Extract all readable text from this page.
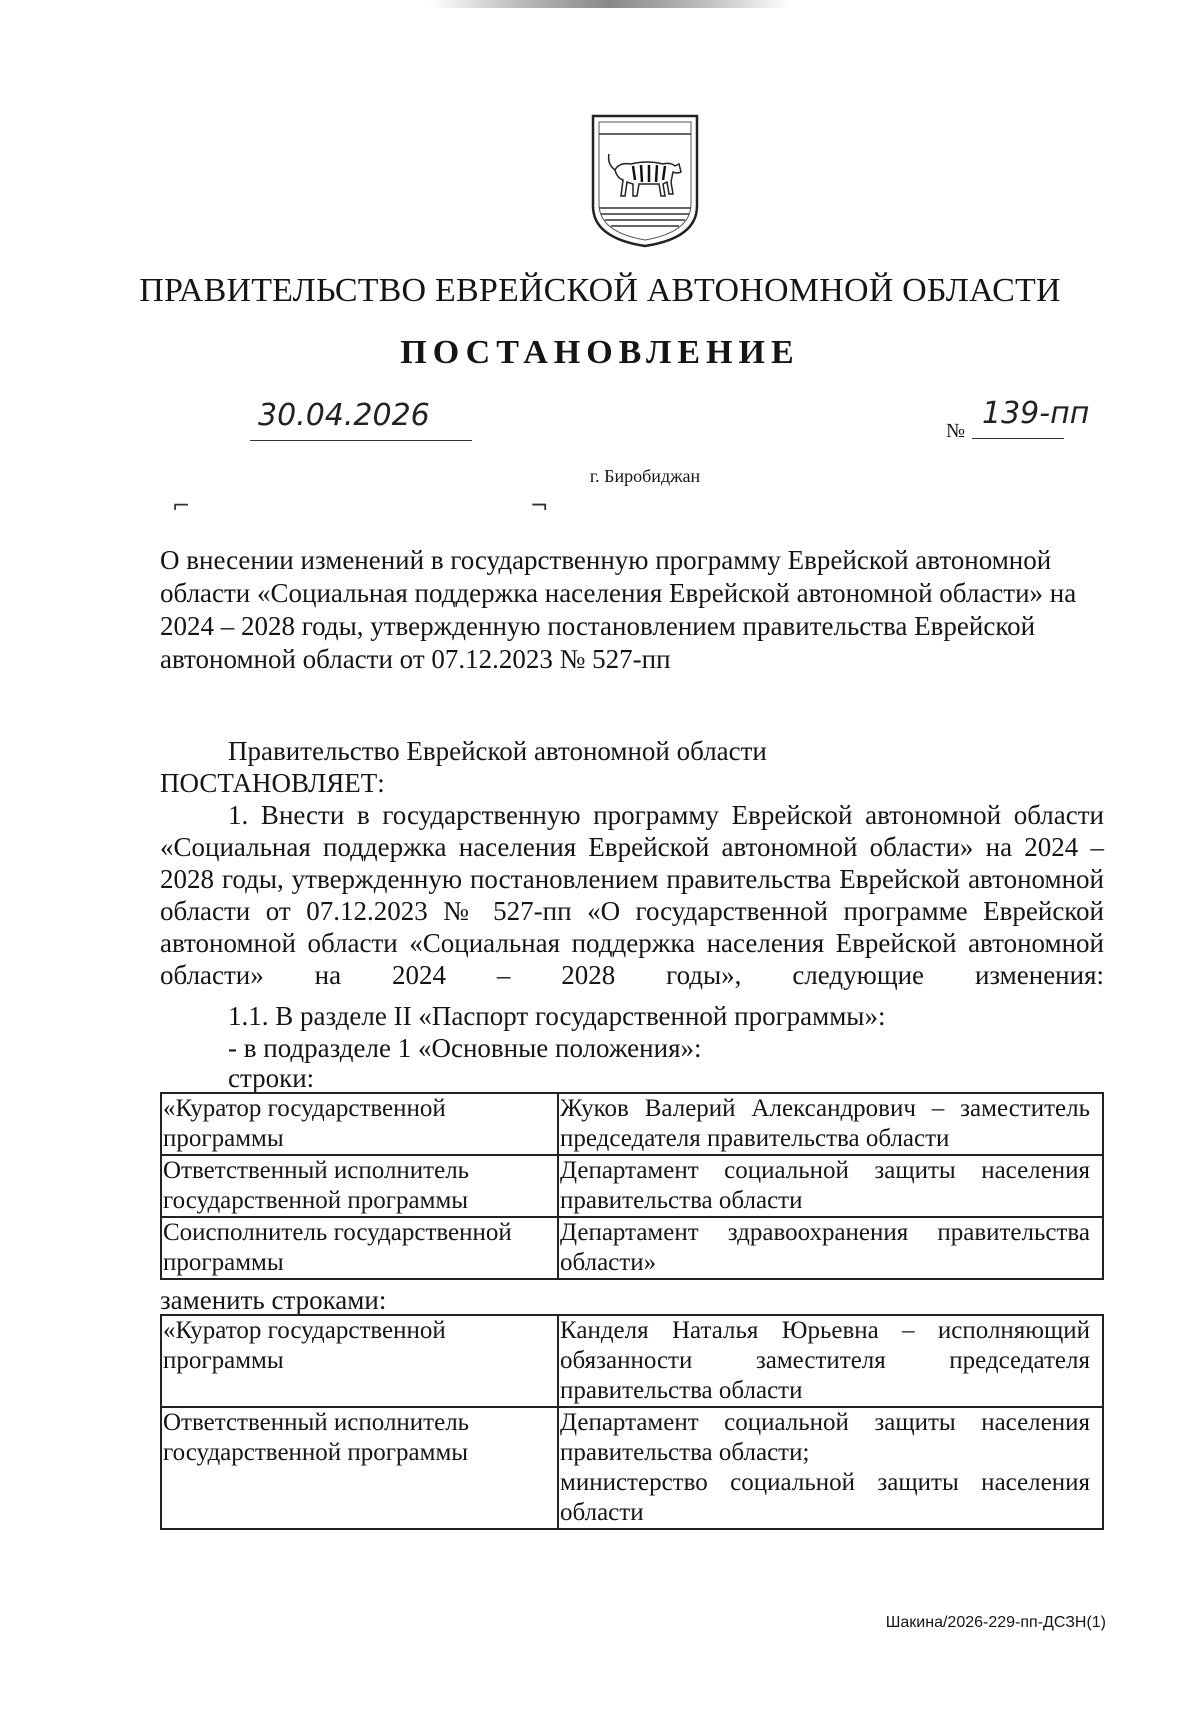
ПРАВИТЕЛЬСТВО ЕВРЕЙСКОЙ АВТОНОМНОЙ ОБЛАСТИ
ПОСТАНОВЛЕНИЕ
30.04.2026	№ 139-пп
г. Биробиджан
⌐	¬
О внесении изменений в государственную программу Еврейской автономной области «Социальная поддержка населения Еврейской автономной области» на 2024 – 2028 годы, утвержденную постановлением правительства Еврейской автономной области от 07.12.2023 № 527-пп
Правительство Еврейской автономной области
ПОСТАНОВЛЯЕТ:
1. Внести в государственную программу Еврейской автономной области «Социальная поддержка населения Еврейской автономной области» на 2024 – 2028 годы, утвержденную постановлением правительства Еврейской автономной области от 07.12.2023 № 527-пп «О государственной программе Еврейской автономной области «Социальная поддержка населения Еврейской автономной области» на 2024 – 2028 годы», следующие изменения:
1.1. В разделе II «Паспорт государственной программы»:
- в подразделе 1 «Основные положения»:
строки:
«Куратор государственной программы	Жуков Валерий Александрович – заместитель председателя правительства области
Ответственный исполнитель государственной программы	Департамент социальной защиты населения правительства области
Соисполнитель государственной программы	Департамент здравоохранения правительства области»
заменить строками:
«Куратор государственной программы	Канделя Наталья Юрьевна – исполняющий обязанности заместителя председателя правительства области
Ответственный исполнитель государственной программы	Департамент социальной защиты населения правительства области;
министерство социальной защиты населения области
Шакина/2026-229-пп-ДСЗН(1)
